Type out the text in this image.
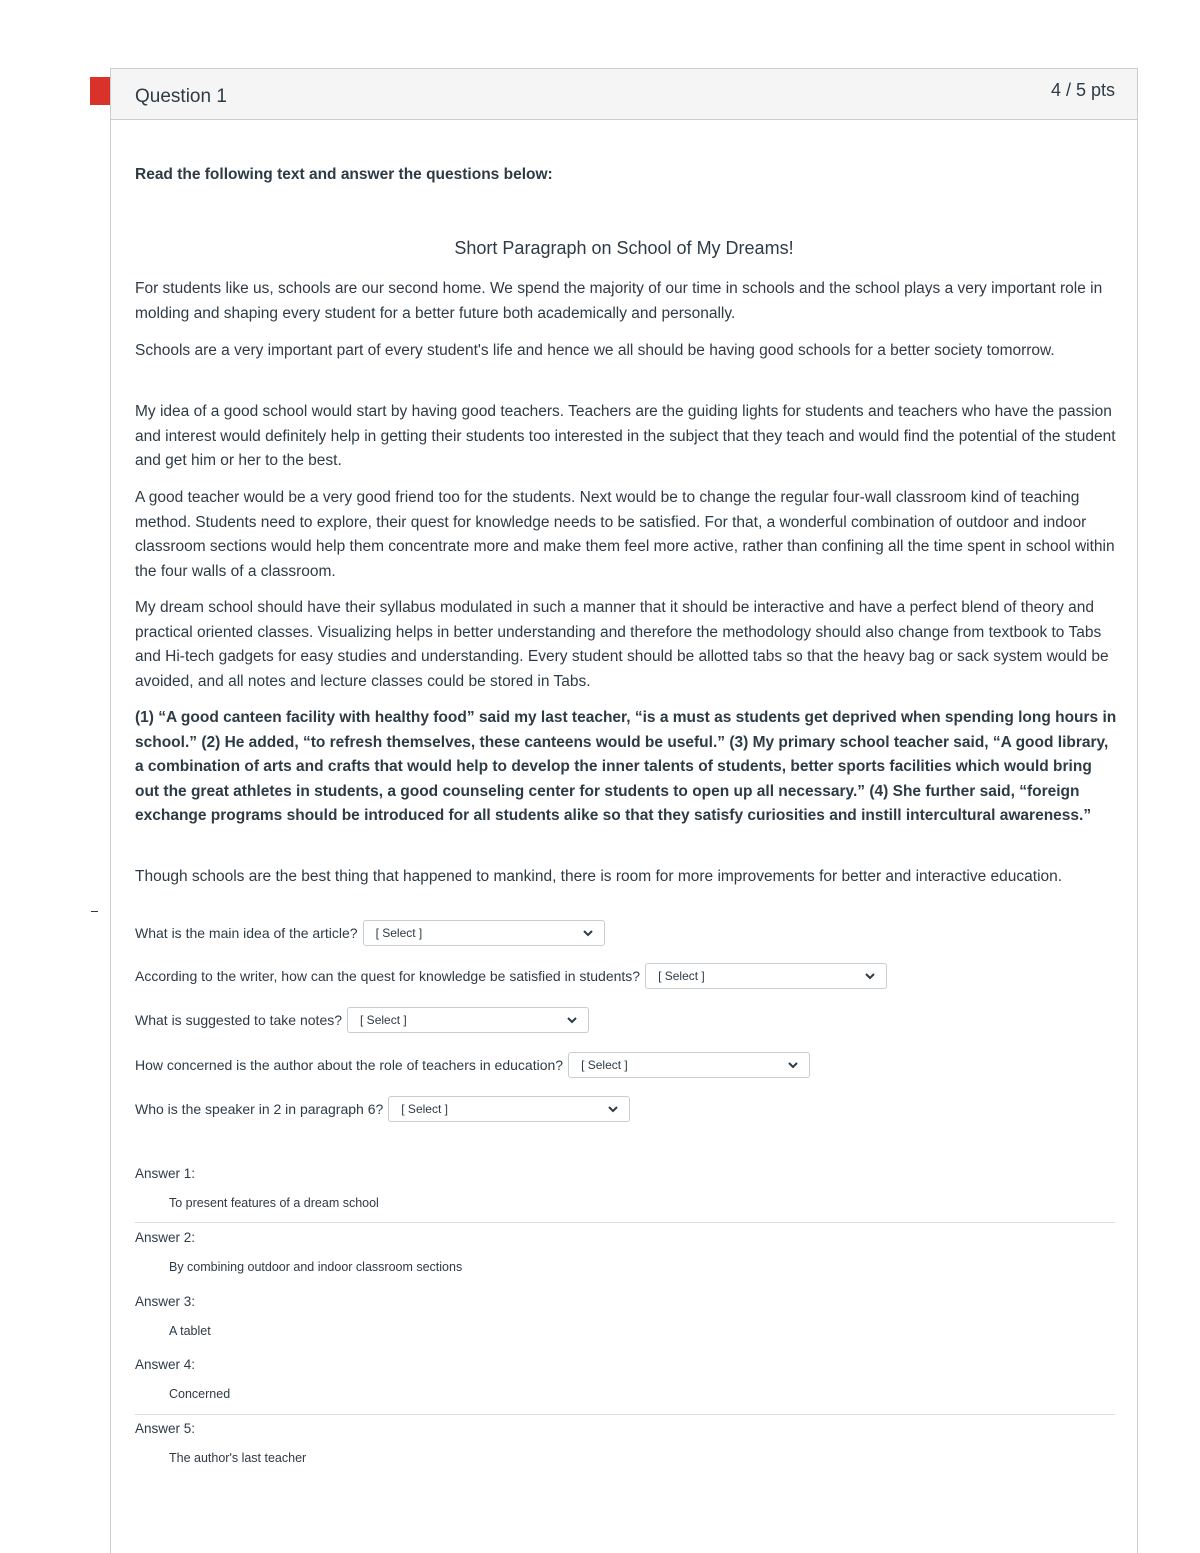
Question 1	4 / 5 pts
Read the following text and answer the questions below:
Short Paragraph on School of My Dreams!

For students like us, schools are our second home. We spend the majority of our time in schools and the school plays a very important role in molding and shaping every student for a better future both academically and personally.

Schools are a very important part of every student's life and hence we all should be having good schools for a better society tomorrow.

My idea of a good school would start by having good teachers. Teachers are the guiding lights for students and teachers who have the passion and interest would definitely help in getting their students too interested in the subject that they teach and would find the potential of the student and get him or her to the best.

A good teacher would be a very good friend too for the students. Next would be to change the regular four-wall classroom kind of teaching method. Students need to explore, their quest for knowledge needs to be satisfied. For that, a wonderful combination of outdoor and indoor classroom sections would help them concentrate more and make them feel more active, rather than confining all the time spent in school within the four walls of a classroom.

My dream school should have their syllabus modulated in such a manner that it should be interactive and have a perfect blend of theory and practical oriented classes. Visualizing helps in better understanding and therefore the methodology should also change from textbook to Tabs and Hi-tech gadgets for easy studies and understanding. Every student should be allotted tabs so that the heavy bag or sack system would be avoided, and all notes and lecture classes could be stored in Tabs.

(1) “A good canteen facility with healthy food” said my last teacher, “is a must as students get deprived when spending long hours in school.” (2) He added, “to refresh themselves, these canteens would be useful.” (3) My primary school teacher said, “A good library, a combination of arts and crafts that would help to develop the inner talents of students, better sports facilities which would bring out the great athletes in students, a good counseling center for students to open up all necessary.” (4) She further said, “foreign exchange programs should be introduced for all students alike so that they satisfy curiosities and instill intercultural awareness.”

Though schools are the best thing that happened to mankind, there is room for more improvements for better and interactive education.

What is the main idea of the article? [ Select ]
According to the writer, how can the quest for knowledge be satisfied in students? [ Select ]
What is suggested to take notes? [ Select ]
How concerned is the author about the role of teachers in education? [ Select ]
Who is the speaker in 2 in paragraph 6? [ Select ]
Answer 1:
To present features of a dream school
Answer 2:
By combining outdoor and indoor classroom sections
Answer 3:
A tablet
Answer 4:
Concerned
Answer 5:
The author's last teacher
